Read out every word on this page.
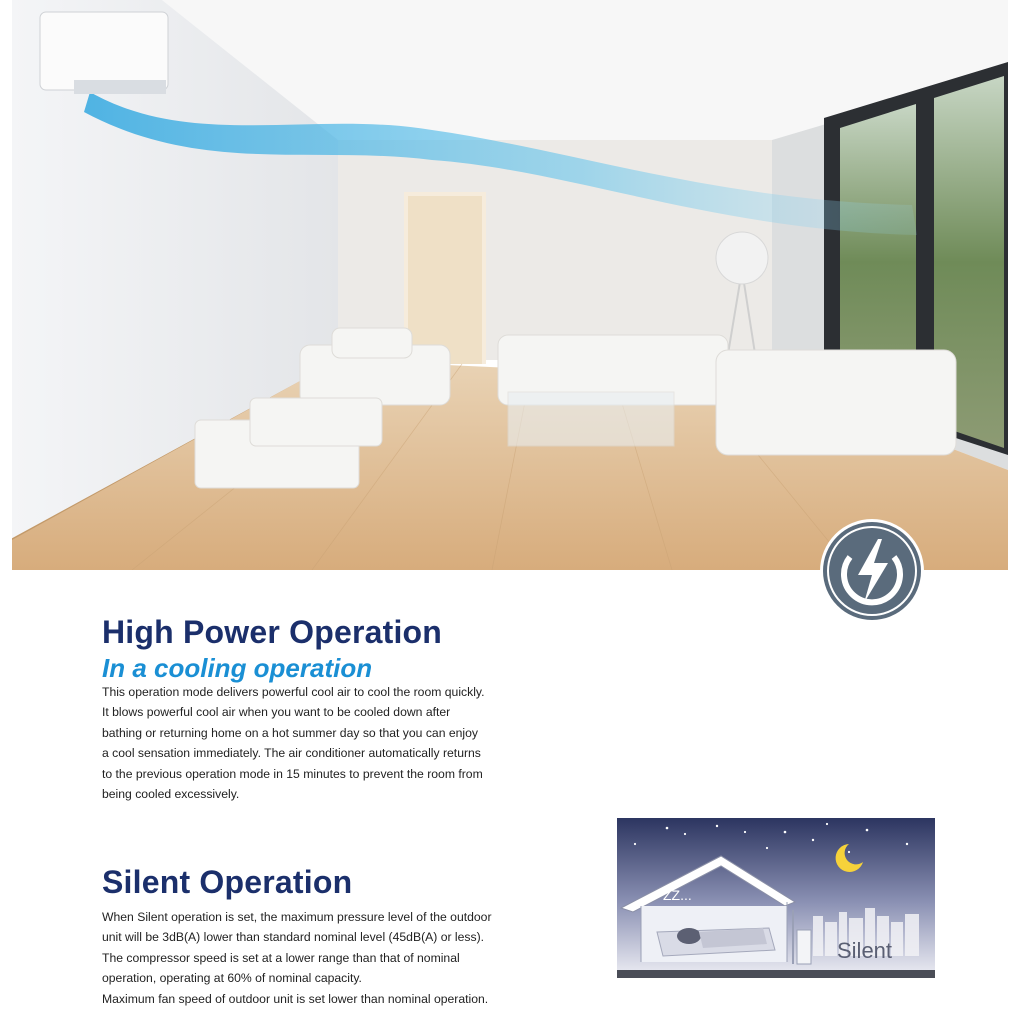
High Power Operation
In a cooling operation

This operation mode delivers powerful cool air to cool the room quickly.
It blows powerful cool air when you want to be cooled down after
bathing or returning home on a hot summer day so that you can enjoy
a cool sensation immediately. The air conditioner automatically returns
to the previous operation mode in 15 minutes to prevent the room from
being cooled excessively.

Silent Operation

When Silent operation is set, the maximum pressure level of the outdoor
unit will be 3dB(A) lower than standard nominal level (45dB(A) or less).
The compressor speed is set at a lower range than that of nominal
operation, operating at 60% of nominal capacity.
Maximum fan speed of outdoor unit is set lower than nominal operation.

ZZ...
Silent
